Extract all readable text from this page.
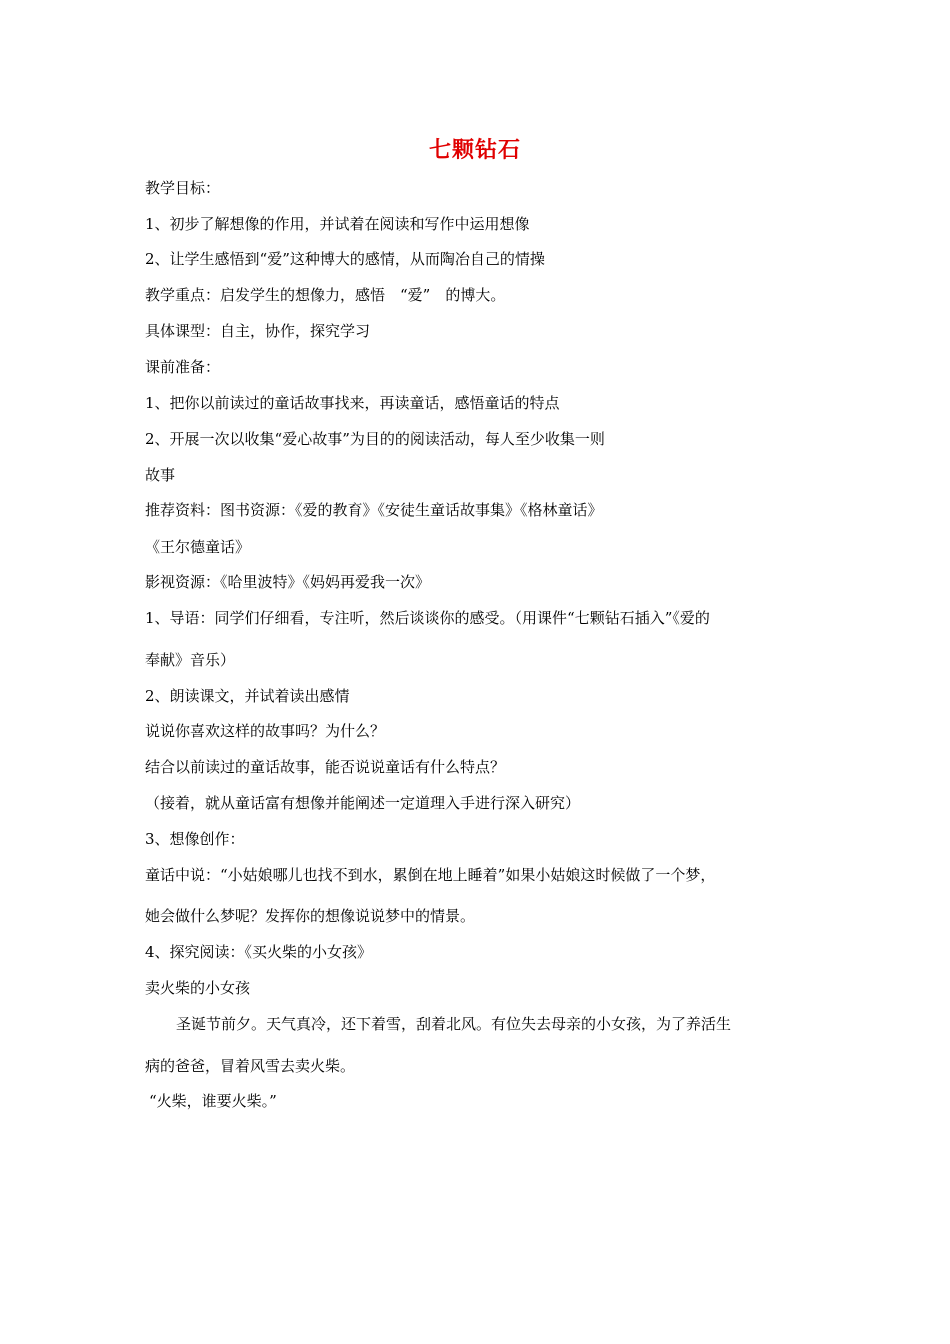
七颗钻石
教学目标：
1、初步了解想像的作用，并试着在阅读和写作中运用想像
2、让学生感悟到“爱”这种博大的感情，从而陶冶自己的情操
教学重点：启发学生的想像力，感悟　“爱”　的博大。
具体课型：自主，协作，探究学习
课前准备：
1、把你以前读过的童话故事找来，再读童话，感悟童话的特点
2、开展一次以收集“爱心故事”为目的的阅读活动，每人至少收集一则
故事
推荐资料：图书资源：《爱的教育》《安徒生童话故事集》《格林童话》
《王尔德童话》
影视资源：《哈里波特》《妈妈再爱我一次》
1、导语：同学们仔细看，专注听，然后谈谈你的感受。（用课件“七颗钻石插入”《爱的
奉献》音乐）
2、朗读课文，并试着读出感情
说说你喜欢这样的故事吗？为什么？
结合以前读过的童话故事，能否说说童话有什么特点？
（接着，就从童话富有想像并能阐述一定道理入手进行深入研究）
3、想像创作：
童话中说：“小姑娘哪儿也找不到水，累倒在地上睡着”如果小姑娘这时候做了一个梦，
她会做什么梦呢？发挥你的想像说说梦中的情景。
4、探究阅读：《买火柴的小女孩》
卖火柴的小女孩
圣诞节前夕。天气真冷，还下着雪，刮着北风。有位失去母亲的小女孩，为了养活生
病的爸爸，冒着风雪去卖火柴。
“火柴，谁要火柴。”
